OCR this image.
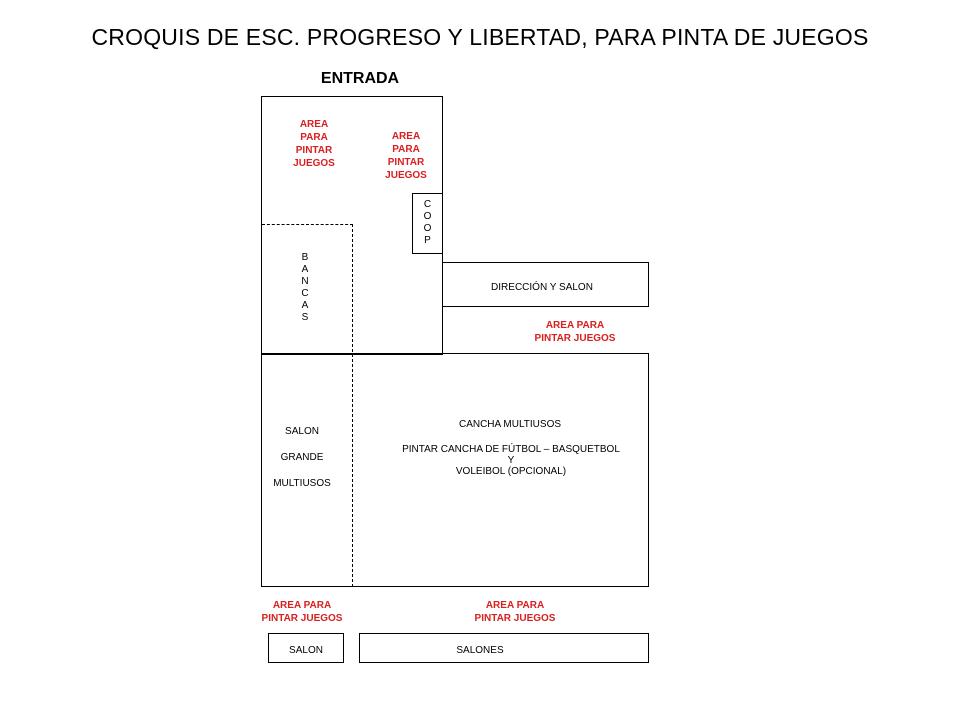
CROQUIS DE ESC. PROGRESO Y LIBERTAD, PARA PINTA DE JUEGOS
ENTRADA
C
O
O
P
DIRECCIÓN Y SALON
SALON	SALONES
AREA
PARA
PINTAR
JUEGOS
AREA
PARA
PINTAR
JUEGOS
AREA PARA
PINTAR JUEGOS
AREA PARA
PINTAR JUEGOS
AREA PARA
PINTAR JUEGOS
B
A
N
C
A
S
SALON

GRANDE

MULTIUSOS
CANCHA MULTIUSOS
PINTAR CANCHA DE FÚTBOL – BASQUETBOL
Y
VOLEIBOL (OPCIONAL)
